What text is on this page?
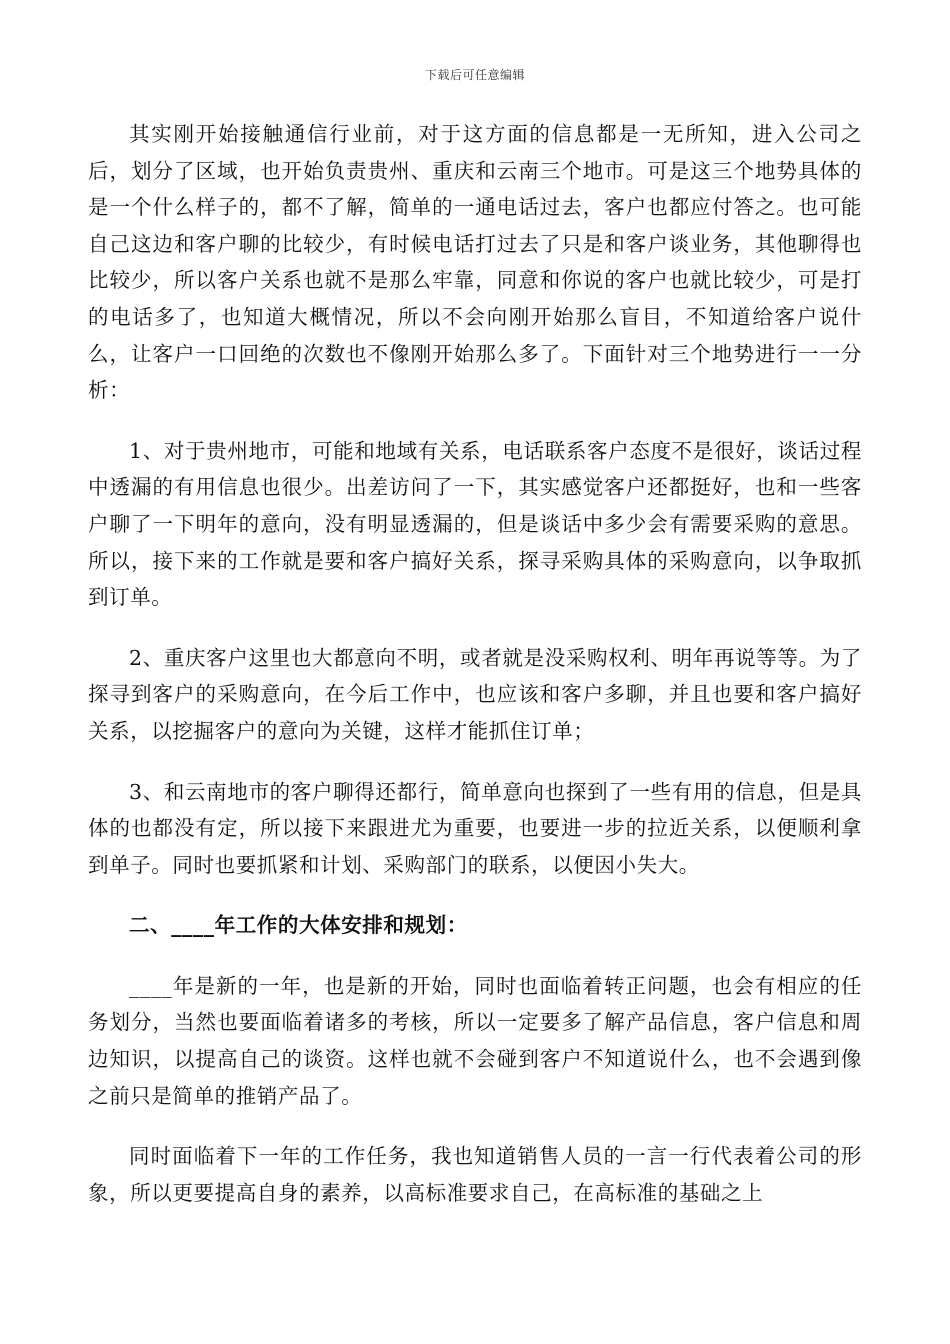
下载后可任意编辑

其实刚开始接触通信行业前，对于这方面的信息都是一无所知，进入公司之后，划分了区域，也开始负责贵州、重庆和云南三个地市。可是这三个地势具体的是一个什么样子的，都不了解，简单的一通电话过去，客户也都应付答之。也可能自己这边和客户聊的比较少，有时候电话打过去了只是和客户谈业务，其他聊得也比较少，所以客户关系也就不是那么牢靠，同意和你说的客户也就比较少，可是打的电话多了，也知道大概情况，所以不会向刚开始那么盲目，不知道给客户说什么，让客户一口回绝的次数也不像刚开始那么多了。下面针对三个地势进行一一分析：

1、对于贵州地市，可能和地域有关系，电话联系客户态度不是很好，谈话过程中透漏的有用信息也很少。出差访问了一下，其实感觉客户还都挺好，也和一些客户聊了一下明年的意向，没有明显透漏的，但是谈话中多少会有需要采购的意思。所以，接下来的工作就是要和客户搞好关系，探寻采购具体的采购意向，以争取抓到订单。

2、重庆客户这里也大都意向不明，或者就是没采购权利、明年再说等等。为了探寻到客户的采购意向，在今后工作中，也应该和客户多聊，并且也要和客户搞好关系，以挖掘客户的意向为关键，这样才能抓住订单；

3、和云南地市的客户聊得还都行，简单意向也探到了一些有用的信息，但是具体的也都没有定，所以接下来跟进尤为重要，也要进一步的拉近关系，以便顺利拿到单子。同时也要抓紧和计划、采购部门的联系，以便因小失大。

二、____年工作的大体安排和规划：

____年是新的一年，也是新的开始，同时也面临着转正问题，也会有相应的任务划分，当然也要面临着诸多的考核，所以一定要多了解产品信息，客户信息和周边知识，以提高自己的谈资。这样也就不会碰到客户不知道说什么，也不会遇到像之前只是简单的推销产品了。

同时面临着下一年的工作任务，我也知道销售人员的一言一行代表着公司的形象，所以更要提高自身的素养，以高标准要求自己，在高标准的基础之上
